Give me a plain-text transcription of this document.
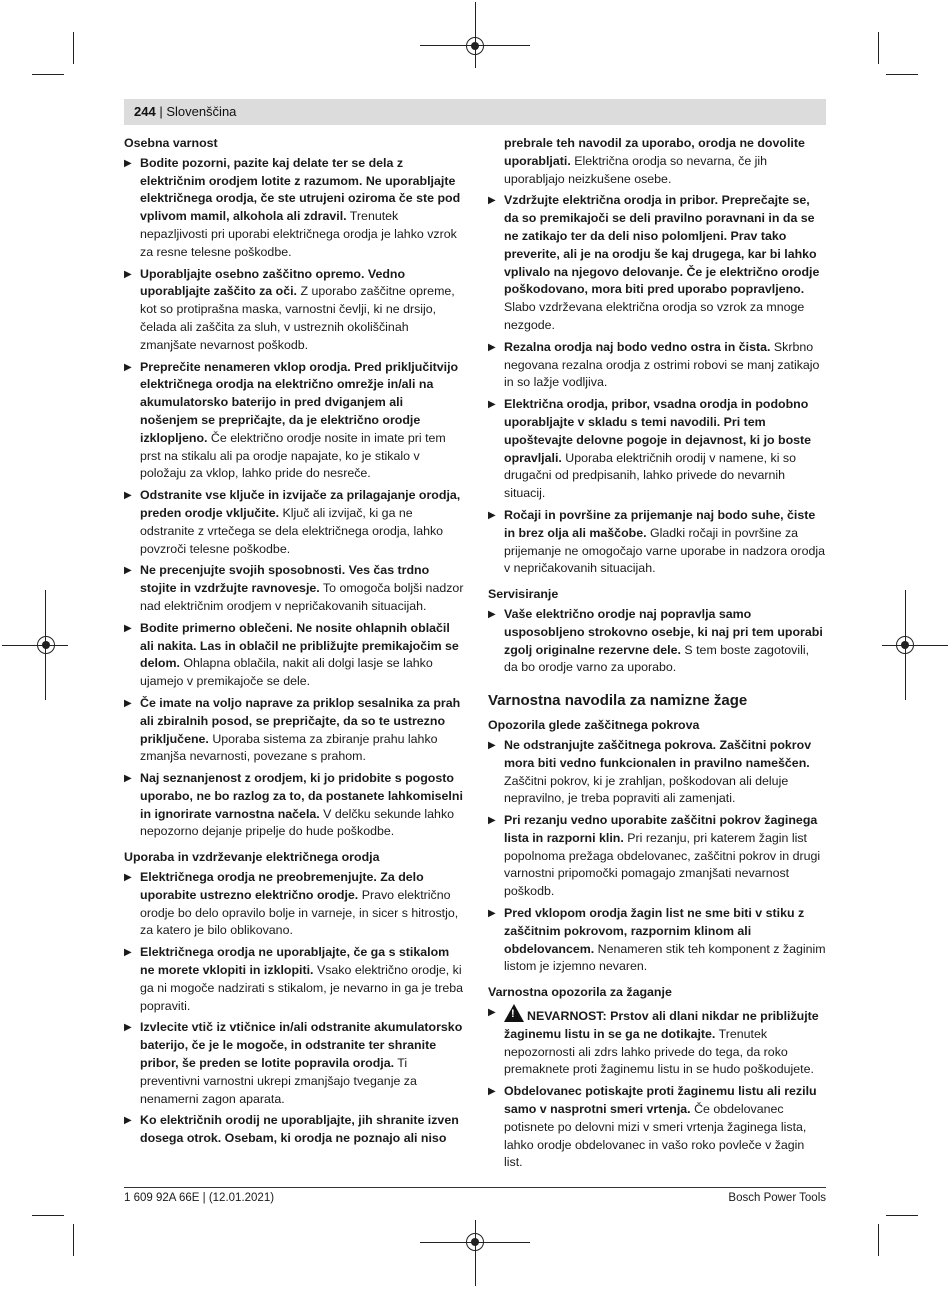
244 | Slovenščina
Osebna varnost
▶ Bodite pozorni, pazite kaj delate ter se dela z električnim orodjem lotite z razumom. Ne uporabljajte električnega orodja, če ste utrujeni oziroma če ste pod vplivom mamil, alkohola ali zdravil. Trenutek nepazljivosti pri uporabi električnega orodja je lahko vzrok za resne telesne poškodbe.
▶ Uporabljajte osebno zaščitno opremo. Vedno uporabljajte zaščito za oči. Z uporabo zaščitne opreme, kot so protiprašna maska, varnostni čevlji, ki ne drsijo, čelada ali zaščita za sluh, v ustreznih okoliščinah zmanjšate nevarnost poškodb.
▶ Preprečite nenameren vklop orodja. Pred priključitvijo električnega orodja na električno omrežje in/ali na akumulatorsko baterijo in pred dviganjem ali nošenjem se prepričajte, da je električno orodje izklopljeno. Če električno orodje nosite in imate pri tem prst na stikalu ali pa orodje napajate, ko je stikalo v položaju za vklop, lahko pride do nesreče.
▶ Odstranite vse ključe in izvijače za prilagajanje orodja, preden orodje vključite. Ključ ali izvijač, ki ga ne odstranite z vrtečega se dela električnega orodja, lahko povzroči telesne poškodbe.
▶ Ne precenjujte svojih sposobnosti. Ves čas trdno stojite in vzdržujte ravnovesje. To omogoča boljši nadzor nad električnim orodjem v nepričakovanih situacijah.
▶ Bodite primerno oblečeni. Ne nosite ohlapnih oblačil ali nakita. Las in oblačil ne približujte premikajočim se delom. Ohlapna oblačila, nakit ali dolgi lasje se lahko ujamejo v premikajoče se dele.
▶ Če imate na voljo naprave za priklop sesalnika za prah ali zbiralnih posod, se prepričajte, da so te ustrezno priključene. Uporaba sistema za zbiranje prahu lahko zmanjša nevarnosti, povezane s prahom.
▶ Naj seznanjenost z orodjem, ki jo pridobite s pogosto uporabo, ne bo razlog za to, da postanete lahkomiselni in ignorirate varnostna načela. V delčku sekunde lahko nepozorno dejanje pripelje do hude poškodbe.
Uporaba in vzdrževanje električnega orodja
▶ Električnega orodja ne preobremenjujte. Za delo uporabite ustrezno električno orodje. Pravo električno orodje bo delo opravilo bolje in varneje, in sicer s hitrostjo, za katero je bilo oblikovano.
▶ Električnega orodja ne uporabljajte, če ga s stikalom ne morete vklopiti in izklopiti. Vsako električno orodje, ki ga ni mogoče nadzirati s stikalom, je nevarno in ga je treba popraviti.
▶ Izvlecite vtič iz vtičnice in/ali odstranite akumulatorsko baterijo, če je le mogoče, in odstranite ter shranite pribor, še preden se lotite popravila orodja. Ti preventivni varnostni ukrepi zmanjšajo tveganje za nenamerni zagon aparata.
▶ Ko električnih orodij ne uporabljajte, jih shranite izven dosega otrok. Osebam, ki orodja ne poznajo ali niso
prebrale teh navodil za uporabo, orodja ne dovolite uporabljati. Električna orodja so nevarna, če jih uporabljajo neizkušene osebe.
▶ Vzdržujte električna orodja in pribor. Preprečajte se, da so premikajoči se deli pravilno poravnani in da se ne zatikajo ter da deli niso polomljeni. Prav tako preverite, ali je na orodju še kaj drugega, kar bi lahko vplivalo na njegovo delovanje. Če je električno orodje poškodovano, mora biti pred uporabo popravljeno. Slabo vzdrževana električna orodja so vzrok za mnoge nezgode.
▶ Rezalna orodja naj bodo vedno ostra in čista. Skrbno negovana rezalna orodja z ostrimi robovi se manj zatikajo in so lažje vodljiva.
▶ Električna orodja, pribor, vsadna orodja in podobno uporabljajte v skladu s temi navodili. Pri tem upoštevajte delovne pogoje in dejavnost, ki jo boste opravljali. Uporaba električnih orodij v namene, ki so drugačni od predpisanih, lahko privede do nevarnih situacij.
▶ Ročaji in površine za prijemanje naj bodo suhe, čiste in brez olja ali maščobe. Gladki ročaji in površine za prijemanje ne omogočajo varne uporabe in nadzora orodja v nepričakovanih situacijah.
Servisiranje
▶ Vaše električno orodje naj popravlja samo usposobljeno strokovno osebje, ki naj pri tem uporabi zgolj originalne rezervne dele. S tem boste zagotovili, da bo orodje varno za uporabo.
Varnostna navodila za namizne žage
Opozorila glede zaščitnega pokrova
▶ Ne odstranjujte zaščitnega pokrova. Zaščitni pokrov mora biti vedno funkcionalen in pravilno nameščen. Zaščitni pokrov, ki je zrahljan, poškodovan ali deluje nepravilno, je treba popraviti ali zamenjati.
▶ Pri rezanju vedno uporabite zaščitni pokrov žaginega lista in razporni klin. Pri rezanju, pri katerem žagin list popolnoma prežaga obdelovanec, zaščitni pokrov in drugi varnostni pripomočki pomagajo zmanjšati nevarnost poškodb.
▶ Pred vklopom orodja žagin list ne sme biti v stiku z zaščitnim pokrovom, razpornim klinom ali obdelovancem. Nenameren stik teh komponent z žaginim listom je izjemno nevaren.
Varnostna opozorila za žaganje
▶ ! NEVARNOST: Prstov ali dlani nikdar ne približujte žaginemu listu in se ga ne dotikajte. Trenutek nepozornosti ali zdrs lahko privede do tega, da roko premaknete proti žaginemu listu in se hudo poškodujete.
▶ Obdelovanec potiskajte proti žaginemu listu ali rezilu samo v nasprotni smeri vrtenja. Če obdelovanec potisnete po delovni mizi v smeri vrtenja žaginega lista, lahko orodje obdelovanec in vašo roko povleče v žagin list.
1 609 92A 66E | (12.01.2021)	Bosch Power Tools
